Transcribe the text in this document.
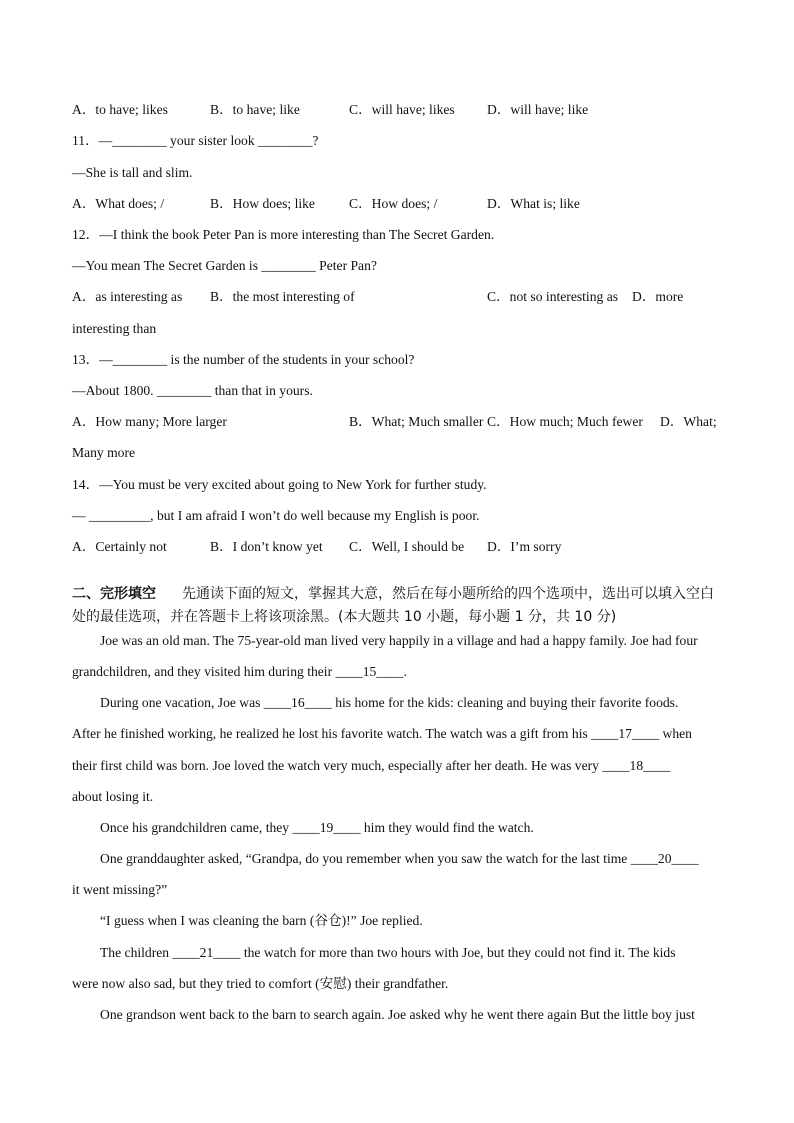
A．to have; likes	B．to have; like	C．will have; likes D．will have; like
11．—________ your sister look ________?
—She is tall and slim.
A．What does; /	B．How does; like	C．How does; /	D．What is; like
12．—I think the book Peter Pan is more interesting than The Secret Garden.
—You mean The Secret Garden is ________ Peter Pan?
A．as interesting as B．the most interesting of	C．not so interesting as D．more
interesting than
13．—________ is the number of the students in your school?
—About 1800. ________ than that in yours.
A．How many; More larger	B．What; Much smaller C．How much; Much fewer D．What;
Many more
14．—You must be very excited about going to New York for further study.
— _________, but I am afraid I won’t do well because my English is poor.
A．Certainly not	B．I don’t know yet C．Well, I should be D．I’m sorry
二、完形填空 先通读下面的短文，掌握其大意，然后在每小题所给的四个选项中，选出可以填入空白
处的最佳选项，并在答题卡上将该项涂黑。(本大题共 10 小题，每小题 1 分，共 10 分)
Joe was an old man. The 75-year-old man lived very happily in a village and had a happy family. Joe had four
grandchildren, and they visited him during their ____15____.
During one vacation, Joe was ____16____ his home for the kids: cleaning and buying their favorite foods.
After he finished working, he realized he lost his favorite watch. The watch was a gift from his ____17____ when
their first child was born. Joe loved the watch very much, especially after her death. He was very ____18____
about losing it.
Once his grandchildren came, they ____19____ him they would find the watch.
One granddaughter asked, “Grandpa, do you remember when you saw the watch for the last time ____20____
it went missing?”
“I guess when I was cleaning the barn (谷仓)!” Joe replied.
The children ____21____ the watch for more than two hours with Joe, but they could not find it. The kids
were now also sad, but they tried to comfort (安慰) their grandfather.
One grandson went back to the barn to search again. Joe asked why he went there again But the little boy just
